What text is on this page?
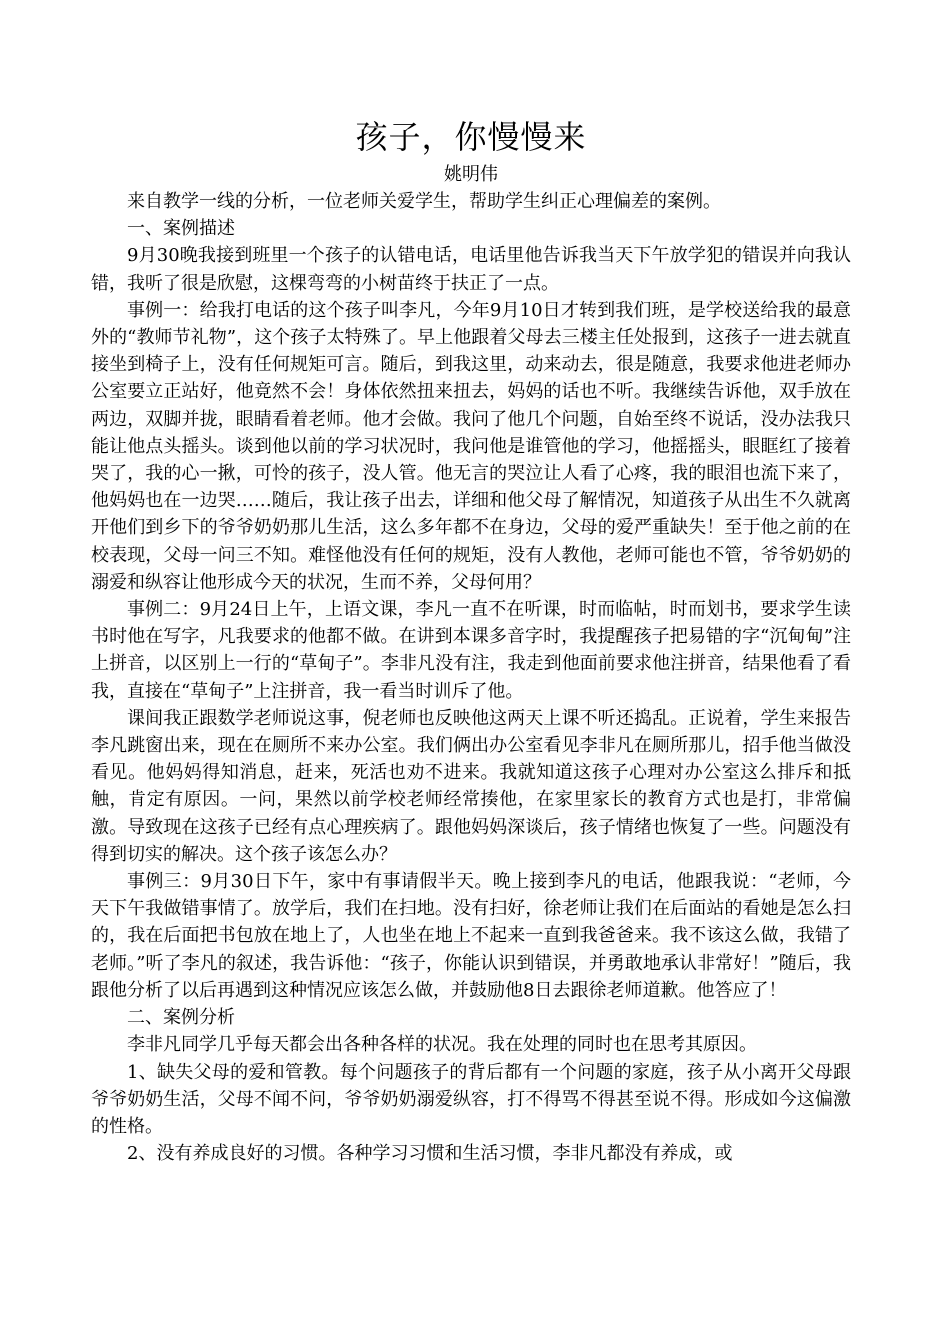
孩子，你慢慢来

姚明伟

来自教学一线的分析，一位老师关爱学生，帮助学生纠正心理偏差的案例。

一、案例描述

9月30晚我接到班里一个孩子的认错电话，电话里他告诉我当天下午放学犯的错误并向我认错，我听了很是欣慰，这棵弯弯的小树苗终于扶正了一点。

事例一：给我打电话的这个孩子叫李凡，今年9月10日才转到我们班，是学校送给我的最意外的“教师节礼物”，这个孩子太特殊了。早上他跟着父母去三楼主任处报到，这孩子一进去就直接坐到椅子上，没有任何规矩可言。随后，到我这里，动来动去，很是随意，我要求他进老师办公室要立正站好，他竟然不会！身体依然扭来扭去，妈妈的话也不听。我继续告诉他，双手放在两边，双脚并拢，眼睛看着老师。他才会做。我问了他几个问题，自始至终不说话，没办法我只能让他点头摇头。谈到他以前的学习状况时，我问他是谁管他的学习，他摇摇头，眼眶红了接着哭了，我的心一揪，可怜的孩子，没人管。他无言的哭泣让人看了心疼，我的眼泪也流下来了，他妈妈也在一边哭……随后，我让孩子出去，详细和他父母了解情况，知道孩子从出生不久就离开他们到乡下的爷爷奶奶那儿生活，这么多年都不在身边，父母的爱严重缺失！至于他之前的在校表现，父母一问三不知。难怪他没有任何的规矩，没有人教他，老师可能也不管，爷爷奶奶的溺爱和纵容让他形成今天的状况，生而不养，父母何用？

事例二：9月24日上午，上语文课，李凡一直不在听课，时而临帖，时而划书，要求学生读书时他在写字，凡我要求的他都不做。在讲到本课多音字时，我提醒孩子把易错的字“沉甸甸”注上拼音，以区别上一行的“草甸子”。李非凡没有注，我走到他面前要求他注拼音，结果他看了看我，直接在“草甸子”上注拼音，我一看当时训斥了他。

课间我正跟数学老师说这事，倪老师也反映他这两天上课不听还捣乱。正说着，学生来报告李凡跳窗出来，现在在厕所不来办公室。我们俩出办公室看见李非凡在厕所那儿，招手他当做没看见。他妈妈得知消息，赶来，死活也劝不进来。我就知道这孩子心理对办公室这么排斥和抵触，肯定有原因。一问，果然以前学校老师经常揍他，在家里家长的教育方式也是打，非常偏激。导致现在这孩子已经有点心理疾病了。跟他妈妈深谈后，孩子情绪也恢复了一些。问题没有得到切实的解决。这个孩子该怎么办？

事例三：9月30日下午，家中有事请假半天。晚上接到李凡的电话，他跟我说：“老师，今天下午我做错事情了。放学后，我们在扫地。没有扫好，徐老师让我们在后面站的看她是怎么扫的，我在后面把书包放在地上了，人也坐在地上不起来一直到我爸爸来。我不该这么做，我错了老师。”听了李凡的叙述，我告诉他：“孩子，你能认识到错误，并勇敢地承认非常好！”随后，我跟他分析了以后再遇到这种情况应该怎么做，并鼓励他8日去跟徐老师道歉。他答应了！

二、案例分析

李非凡同学几乎每天都会出各种各样的状况。我在处理的同时也在思考其原因。

1、缺失父母的爱和管教。每个问题孩子的背后都有一个问题的家庭，孩子从小离开父母跟爷爷奶奶生活，父母不闻不问，爷爷奶奶溺爱纵容，打不得骂不得甚至说不得。形成如今这偏激的性格。

2、没有养成良好的习惯。各种学习习惯和生活习惯，李非凡都没有养成，或
